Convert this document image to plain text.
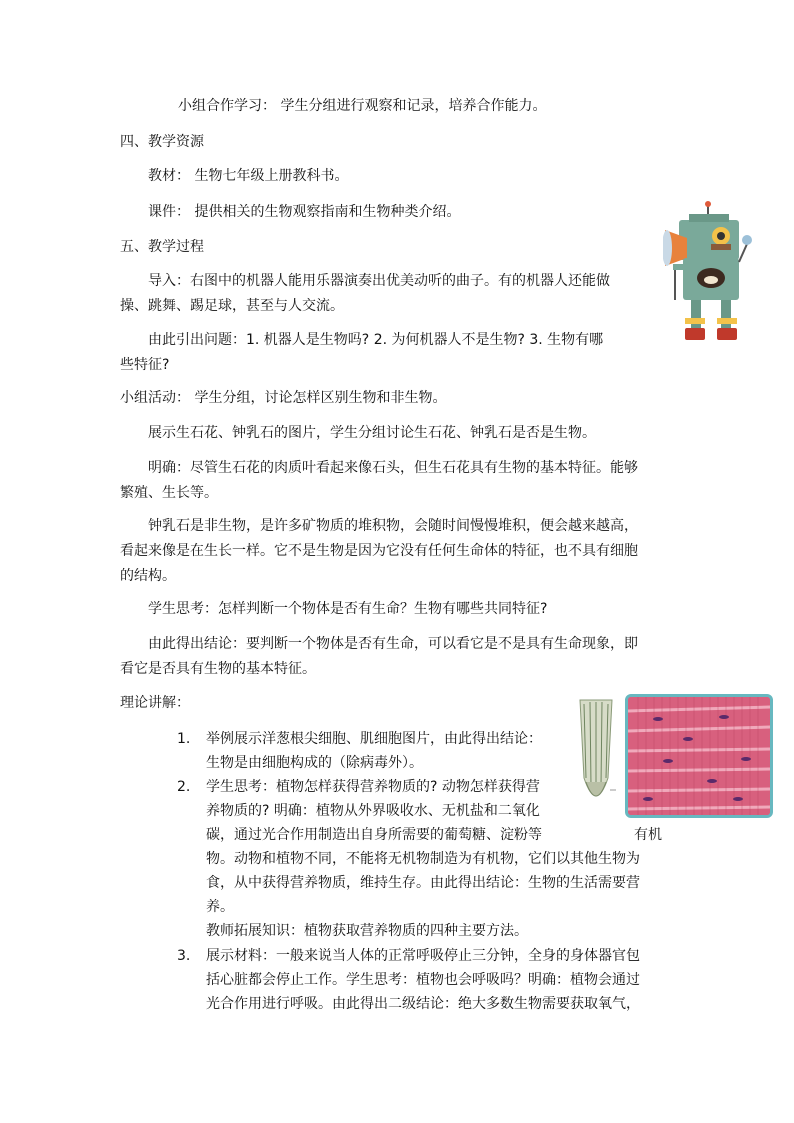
小组合作学习： 学生分组进行观察和记录，培养合作能力。
四、教学资源
教材： 生物七年级上册教科书。
课件： 提供相关的生物观察指南和生物种类介绍。
五、教学过程
导入：右图中的机器人能用乐器演奏出优美动听的曲子。有的机器人还能做
操、跳舞、踢足球，甚至与人交流。
由此引出问题：1. 机器人是生物吗? 2. 为何机器人不是生物? 3. 生物有哪
些特征?
小组活动： 学生分组，讨论怎样区别生物和非生物。
展示生石花、钟乳石的图片，学生分组讨论生石花、钟乳石是否是生物。
明确：尽管生石花的肉质叶看起来像石头，但生石花具有生物的基本特征。能够
繁殖、生长等。
钟乳石是非生物，是许多矿物质的堆积物，会随时间慢慢堆积，便会越来越高，
看起来像是在生长一样。它不是生物是因为它没有任何生命体的特征，也不具有细胞
的结构。
学生思考：怎样判断一个物体是否有生命？生物有哪些共同特征?
由此得出结论：要判断一个物体是否有生命，可以看它是不是具有生命现象，即
看它是否具有生物的基本特征。
理论讲解：
1. 举例展示洋葱根尖细胞、肌细胞图片，由此得出结论：
生物是由细胞构成的（除病毒外）。
2. 学生思考：植物怎样获得营养物质的? 动物怎样获得营
养物质的? 明确：植物从外界吸收水、无机盐和二氧化
碳，通过光合作用制造出自身所需要的葡萄糖、淀粉等	有机
物。动物和植物不同，不能将无机物制造为有机物，它们以其他生物为
食，从中获得营养物质，维持生存。由此得出结论：生物的生活需要营
养。
教师拓展知识：植物获取营养物质的四种主要方法。
3. 展示材料：一般来说当人体的正常呼吸停止三分钟，全身的身体器官包
括心脏都会停止工作。学生思考：植物也会呼吸吗？明确：植物会通过
光合作用进行呼吸。由此得出二级结论：绝大多数生物需要获取氧气，
